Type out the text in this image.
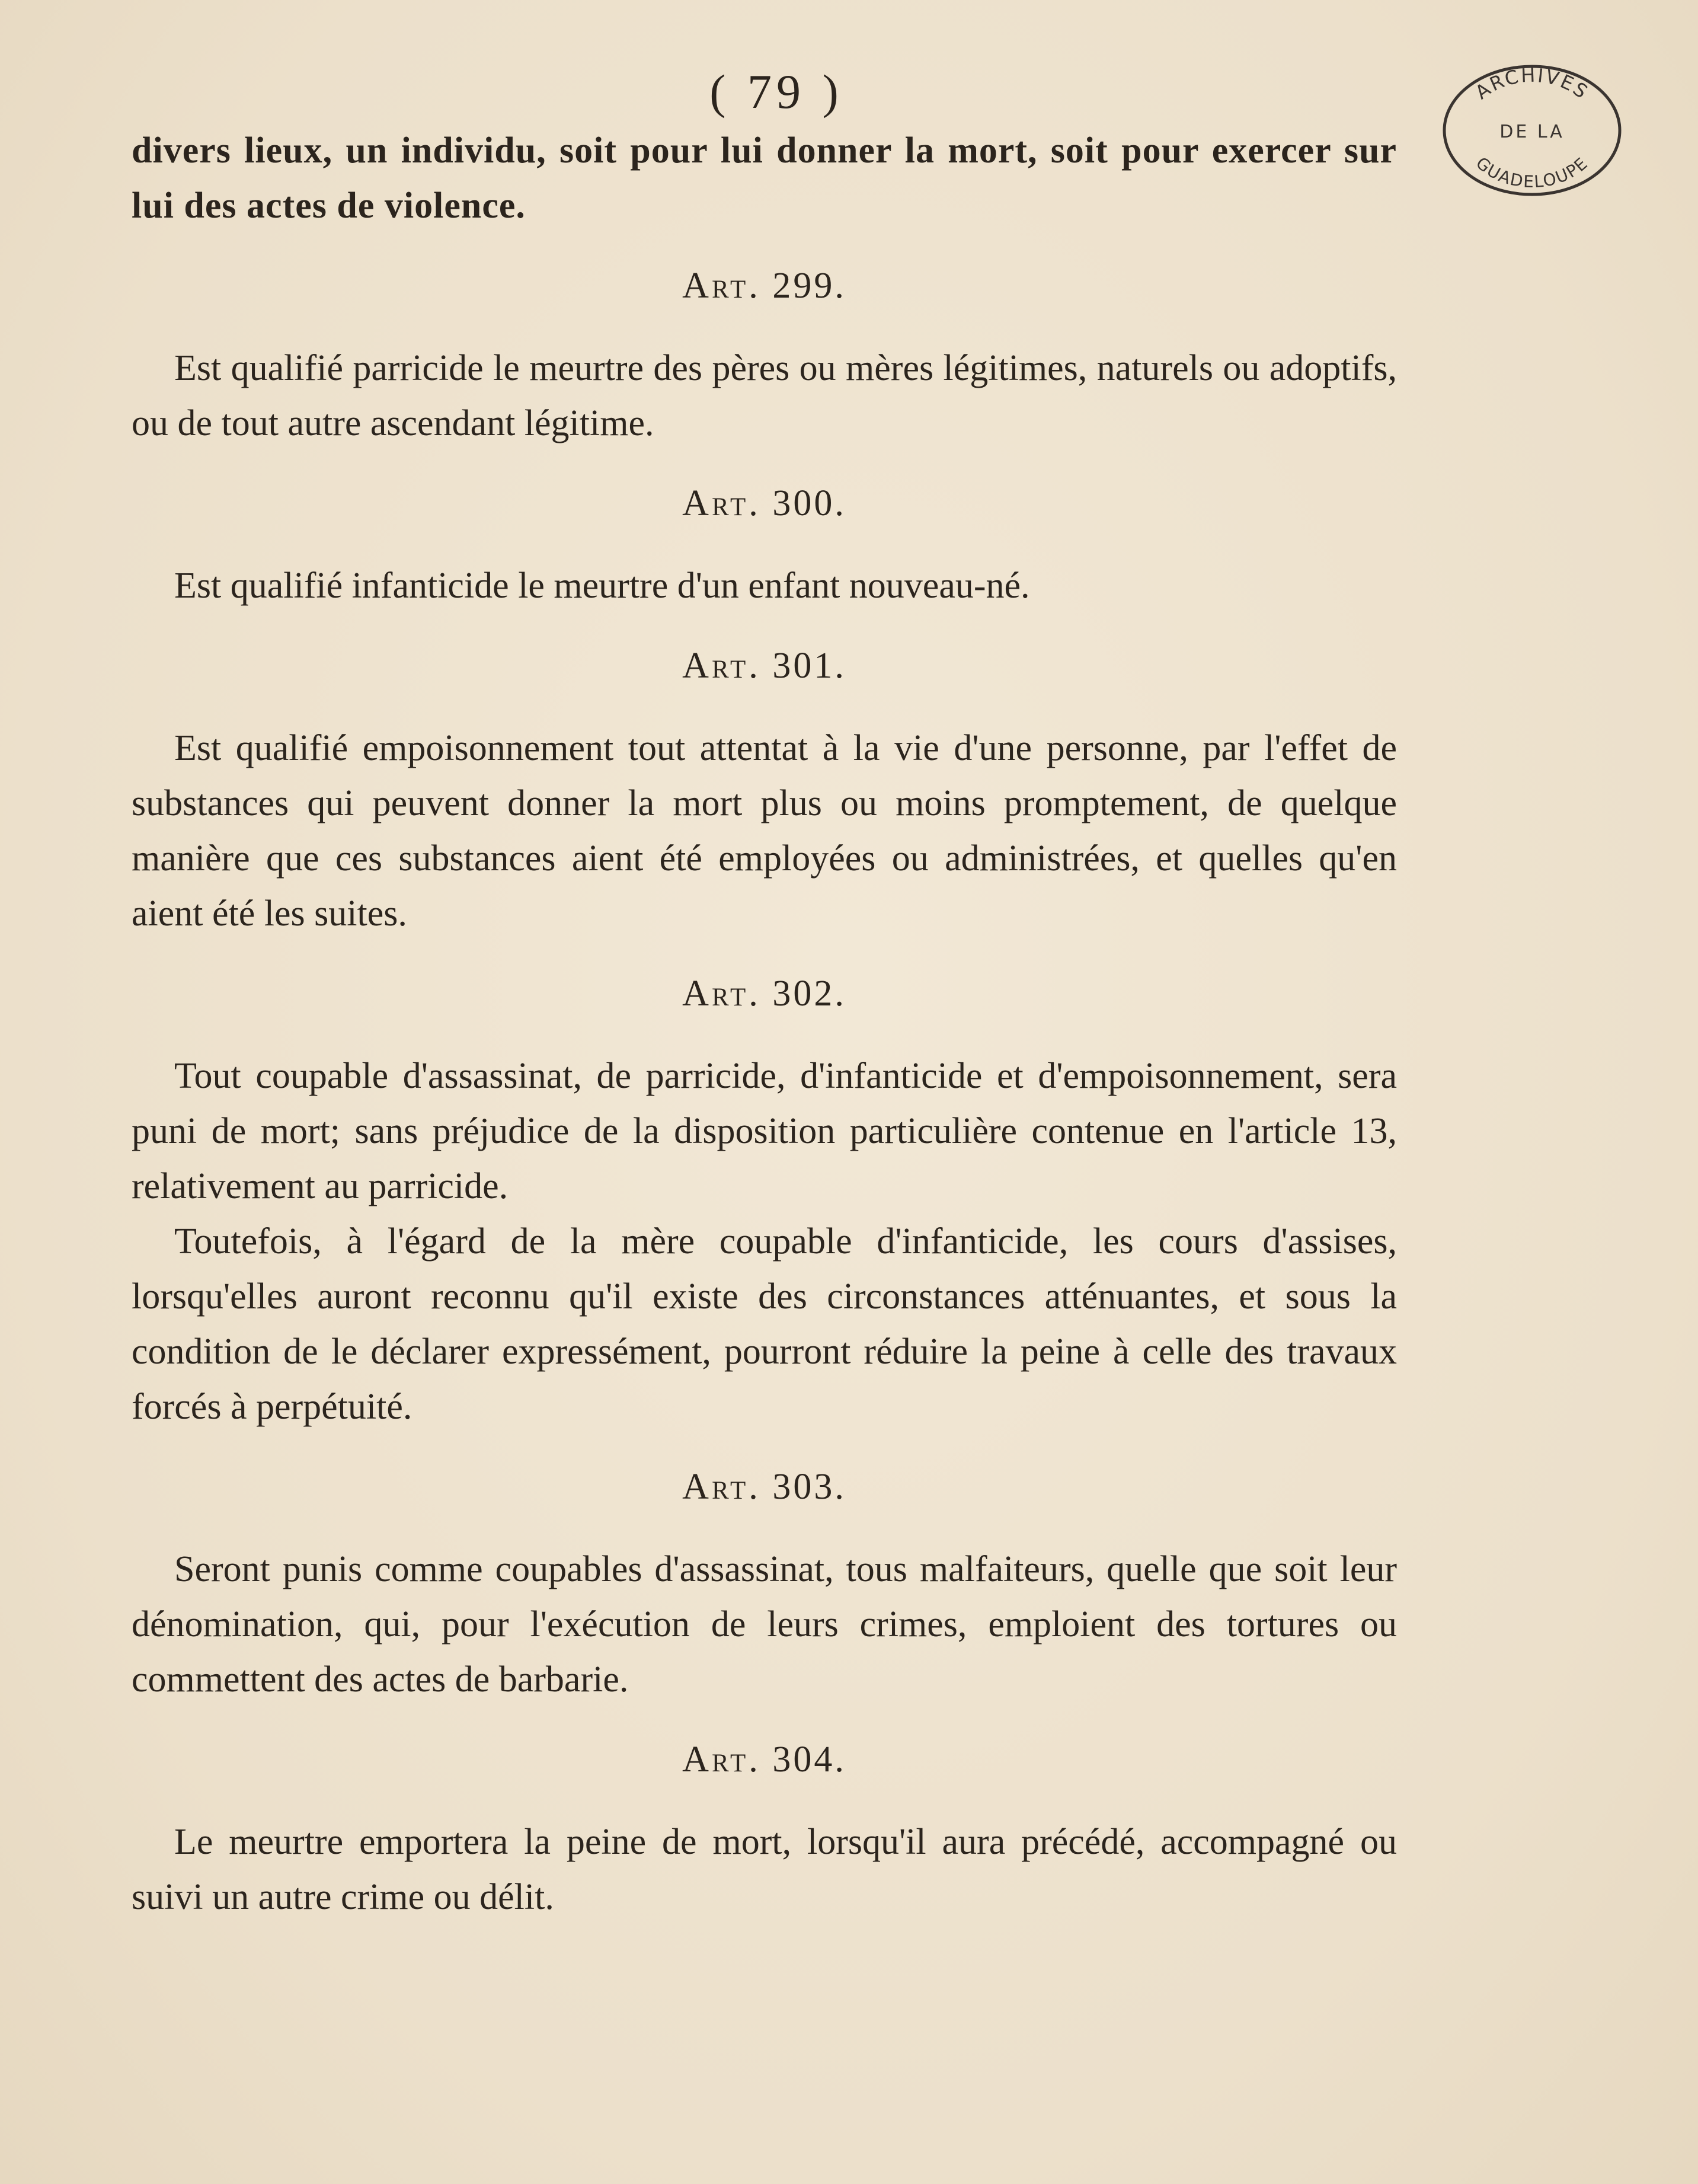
( 79 )	ARCHIVES
DE LA
GUADELOUPE

divers lieux, un individu, soit pour lui donner la mort, soit pour exercer sur lui des actes de violence.

Art. 299.

Est qualifié parricide le meurtre des pères ou mères légitimes, naturels ou adoptifs, ou de tout autre ascendant légitime.

Art. 300.

Est qualifié infanticide le meurtre d'un enfant nouveau-né.

Art. 301.

Est qualifié empoisonnement tout attentat à la vie d'une personne, par l'effet de substances qui peuvent donner la mort plus ou moins promptement, de quelque manière que ces substances aient été employées ou administrées, et quelles qu'en aient été les suites.

Art. 302.

Tout coupable d'assassinat, de parricide, d'infanticide et d'empoisonnement, sera puni de mort; sans préjudice de la disposition particulière contenue en l'article 13, relativement au parricide.

Toutefois, à l'égard de la mère coupable d'infanticide, les cours d'assises, lorsqu'elles auront reconnu qu'il existe des circonstances atténuantes, et sous la condition de le déclarer expressément, pourront réduire la peine à celle des travaux forcés à perpétuité.

Art. 303.

Seront punis comme coupables d'assassinat, tous malfaiteurs, quelle que soit leur dénomination, qui, pour l'exécution de leurs crimes, emploient des tortures ou commettent des actes de barbarie.

Art. 304.

Le meurtre emportera la peine de mort, lorsqu'il aura précédé, accompagné ou suivi un autre crime ou délit.
